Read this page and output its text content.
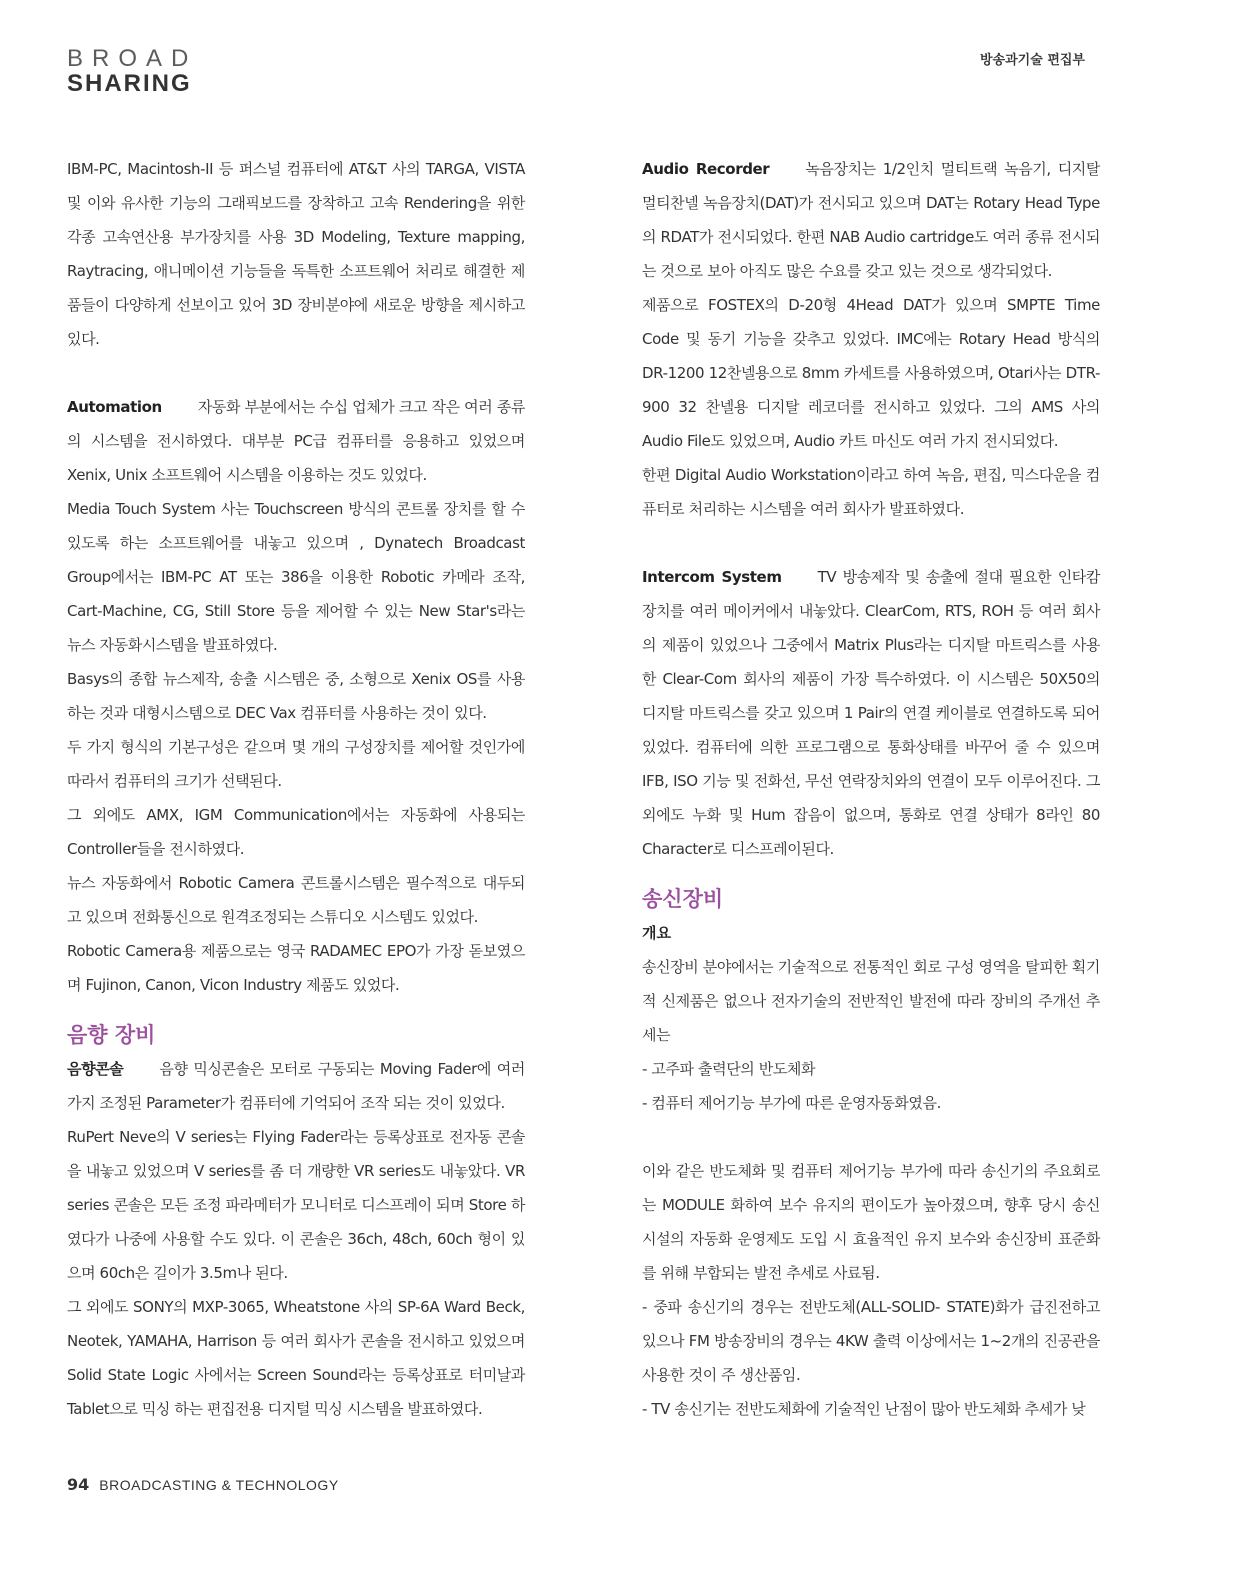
BROAD
SHARING
방송과기술 편집부

IBM-PC, Macintosh-II 등 퍼스널 컴퓨터에 AT&T 사의 TARGA, VISTA 및 이와 유사한 기능의 그래픽보드를 장착하고 고속 Rendering을 위한 각종 고속연산용 부가장치를 사용 3D Modeling, Texture mapping, Raytracing, 애니메이션 기능들을 독특한 소프트웨어 처리로 해결한 제품들이 다양하게 선보이고 있어 3D 장비분야에 새로운 방향을 제시하고 있다.

Automation 자동화 부분에서는 수십 업체가 크고 작은 여러 종류의 시스템을 전시하였다. 대부분 PC급 컴퓨터를 응용하고 있었으며 Xenix, Unix 소프트웨어 시스템을 이용하는 것도 있었다.

Media Touch System 사는 Touchscreen 방식의 콘트롤 장치를 할 수 있도록 하는 소프트웨어를 내놓고 있으며 , Dynatech Broadcast Group에서는 IBM-PC AT 또는 386을 이용한 Robotic 카메라 조작, Cart-Machine, CG, Still Store 등을 제어할 수 있는 New Star's라는 뉴스 자동화시스템을 발표하였다.

Basys의 종합 뉴스제작, 송출 시스템은 중, 소형으로 Xenix OS를 사용하는 것과 대형시스템으로 DEC Vax 컴퓨터를 사용하는 것이 있다.

두 가지 형식의 기본구성은 같으며 몇 개의 구성장치를 제어할 것인가에 따라서 컴퓨터의 크기가 선택된다.

그 외에도 AMX, IGM Communication에서는 자동화에 사용되는 Controller들을 전시하였다.

뉴스 자동화에서 Robotic Camera 콘트롤시스템은 필수적으로 대두되고 있으며 전화통신으로 원격조정되는 스튜디오 시스템도 있었다.

Robotic Camera용 제품으로는 영국 RADAMEC EPO가 가장 돋보였으며 Fujinon, Canon, Vicon Industry 제품도 있었다.

음향 장비

음향콘솔 음향 믹싱콘솔은 모터로 구동되는 Moving Fader에 여러 가지 조정된 Parameter가 컴퓨터에 기억되어 조작 되는 것이 있었다.

RuPert Neve의 V series는 Flying Fader라는 등록상표로 전자동 콘솔을 내놓고 있었으며 V series를 좀 더 개량한 VR series도 내놓았다. VR series 콘솔은 모든 조정 파라메터가 모니터로 디스프레이 되며 Store 하였다가 나중에 사용할 수도 있다. 이 콘솔은 36ch, 48ch, 60ch 형이 있으며 60ch은 길이가 3.5m나 된다.

그 외에도 SONY의 MXP-3065, Wheatstone 사의 SP-6A Ward Beck, Neotek, YAMAHA, Harrison 등 여러 회사가 콘솔을 전시하고 있었으며 Solid State Logic 사에서는 Screen Sound라는 등록상표로 터미날과 Tablet으로 믹싱 하는 편집전용 디지털 믹싱 시스템을 발표하였다.

Audio Recorder 녹음장치는 1/2인치 멀티트랙 녹음기, 디지탈 멀티찬넬 녹음장치(DAT)가 전시되고 있으며 DAT는 Rotary Head Type의 RDAT가 전시되었다. 한편 NAB Audio cartridge도 여러 종류 전시되는 것으로 보아 아직도 많은 수요를 갖고 있는 것으로 생각되었다.

제품으로 FOSTEX의 D-20형 4Head DAT가 있으며 SMPTE Time Code 및 동기 기능을 갖추고 있었다. IMC에는 Rotary Head 방식의 DR-1200 12찬넬용으로 8mm 카세트를 사용하였으며, Otari사는 DTR-900 32 찬넬용 디지탈 레코더를 전시하고 있었다. 그의 AMS 사의 Audio File도 있었으며, Audio 카트 마신도 여러 가지 전시되었다.

한편 Digital Audio Workstation이라고 하여 녹음, 편집, 믹스다운을 컴퓨터로 처리하는 시스템을 여러 회사가 발표하였다.

Intercom System TV 방송제작 및 송출에 절대 필요한 인타캄 장치를 여러 메이커에서 내놓았다. ClearCom, RTS, ROH 등 여러 회사의 제품이 있었으나 그중에서 Matrix Plus라는 디지탈 마트릭스를 사용한 Clear-Com 회사의 제품이 가장 특수하였다. 이 시스템은 50X50의 디지탈 마트릭스를 갖고 있으며 1 Pair의 연결 케이블로 연결하도록 되어있었다. 컴퓨터에 의한 프로그램으로 통화상태를 바꾸어 줄 수 있으며 IFB, ISO 기능 및 전화선, 무선 연락장치와의 연결이 모두 이루어진다. 그 외에도 누화 및 Hum 잡음이 없으며, 통화로 연결 상태가 8라인 80 Character로 디스프레이된다.

송신장비
개요

송신장비 분야에서는 기술적으로 전통적인 회로 구성 영역을 탈피한 획기적 신제품은 없으나 전자기술의 전반적인 발전에 따라 장비의 주개선 추세는

- 고주파 출력단의 반도체화

- 컴퓨터 제어기능 부가에 따른 운영자동화였음.

이와 같은 반도체화 및 컴퓨터 제어기능 부가에 따라 송신기의 주요회로는 MODULE 화하여 보수 유지의 편이도가 높아졌으며, 향후 당시 송신시설의 자동화 운영제도 도입 시 효율적인 유지 보수와 송신장비 표준화를 위해 부합되는 발전 추세로 사료됨.

- 중파 송신기의 경우는 전반도체(ALL-SOLID- STATE)화가 급진전하고 있으나 FM 방송장비의 경우는 4KW 출력 이상에서는 1~2개의 진공관을 사용한 것이 주 생산품임.

- TV 송신기는 전반도체화에 기술적인 난점이 많아 반도체화 추세가 낮

94 BROADCASTING & TECHNOLOGY
